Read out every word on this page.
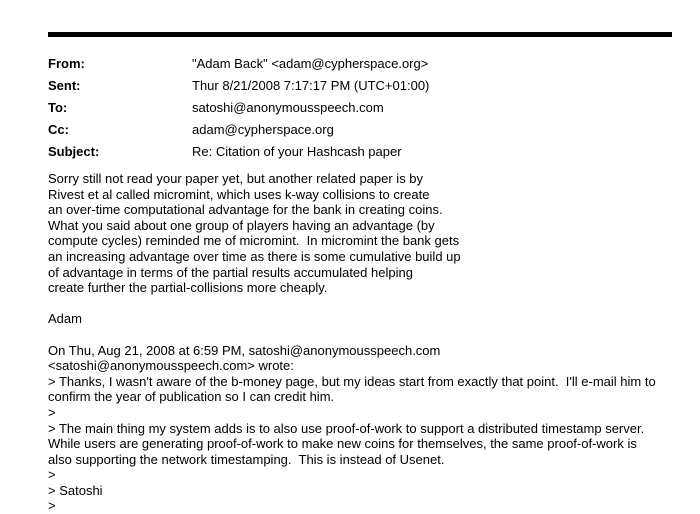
From:	"Adam Back" <adam@cypherspace.org>
Sent:	Thur 8/21/2008 7:17:17 PM (UTC+01:00)
To:	satoshi@anonymousspeech.com
Cc:	adam@cypherspace.org
Subject:	Re: Citation of your Hashcash paper
Sorry still not read your paper yet, but another related paper is by
Rivest et al called micromint, which uses k-way collisions to create
an over-time computational advantage for the bank in creating coins.
What you said about one group of players having an advantage (by
compute cycles) reminded me of micromint.  In micromint the bank gets
an increasing advantage over time as there is some cumulative build up
of advantage in terms of the partial results accumulated helping
create further the partial-collisions more cheaply.
Adam
On Thu, Aug 21, 2008 at 6:59 PM, satoshi@anonymousspeech.com
<satoshi@anonymousspeech.com> wrote:
> Thanks, I wasn't aware of the b-money page, but my ideas start from exactly that point.  I'll e-mail him to
confirm the year of publication so I can credit him.
>
> The main thing my system adds is to also use proof-of-work to support a distributed timestamp server.
While users are generating proof-of-work to make new coins for themselves, the same proof-of-work is
also supporting the network timestamping.  This is instead of Usenet.
>
> Satoshi
>
